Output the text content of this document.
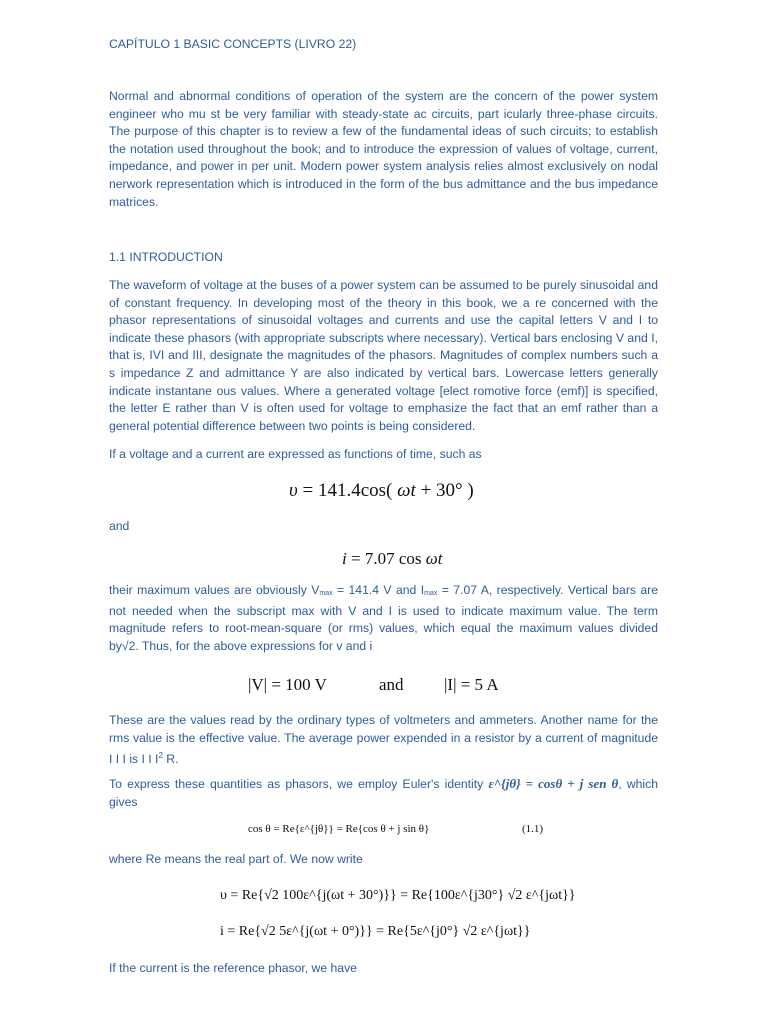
CAPÍTULO 1 BASIC CONCEPTS (LIVRO 22)
Normal and abnormal conditions of operation of the system are the concern of the power system engineer who mu st be very familiar with steady-state ac circuits, part icularly three-phase circuits. The purpose of this chapter is to review a few of the fundamental ideas of such circuits; to establish the notation used throughout the book; and to introduce the expression of values of voltage, current, impedance, and power in per unit. Modern power system analysis relies almost exclusively on nodal nerwork representation which is introduced in the form of the bus admittance and the bus impedance matrices.
1.1 INTRODUCTION
The waveform of voltage at the buses of a power system can be assumed to be purely sinusoidal and of constant frequency. In developing most of the theory in this book, we a re concerned with the phasor representations of sinusoidal voltages and currents and use the capital letters V and I to indicate these phasors (with appropriate subscripts where necessary). Vertical bars enclosing V and I, that is, IVI and III, designate the magnitudes of the phasors. Magnitudes of complex numbers such a s impedance Z and admittance Y are also indicated by vertical bars. Lowercase letters generally indicate instantane ous values. Where a generated voltage [elect romotive force (emf)] is specified, the letter E rather than V is often used for voltage to emphasize the fact that an emf rather than a general potential difference between two points is being considered.
If a voltage and a current are expressed as functions of time, such as
υ = 141.4cos( ωt + 30° )
and
i = 7.07 cos ωt
their maximum values are obviously $V_{max} = 141.4$ V and $I_{max} = 7.07$ A, respectively. Vertical bars are not needed when the subscript max with V and I is used to indicate maximum value. The term magnitude refers to root-mean-square (or rms) values, which equal the maximum values divided by√2. Thus, for the above expressions for v and i
|V| = 100 V	and |I| = 5 A
These are the values read by the ordinary types of voltmeters and ammeters. Another name for the rms value is the effective value. The average power expended in a resistor by a current of magnitude I I I is I I $I^2$ R.
To express these quantities as phasors, we employ Euler's identity ε^{jθ} = cosθ + j sen θ, which gives
cos θ = Re{ε^{jθ}} = Re{cos θ + j sin θ}	(1.1)
where Re means the real part of. We now write
υ = Re{√2 100ε^{j(ωt + 30°)}} = Re{100ε^{j30°} √2 ε^{jωt}}
i = Re{√2 5ε^{j(ωt + 0°)}} = Re{5ε^{j0°} √2 ε^{jωt}}
If the current is the reference phasor, we have
